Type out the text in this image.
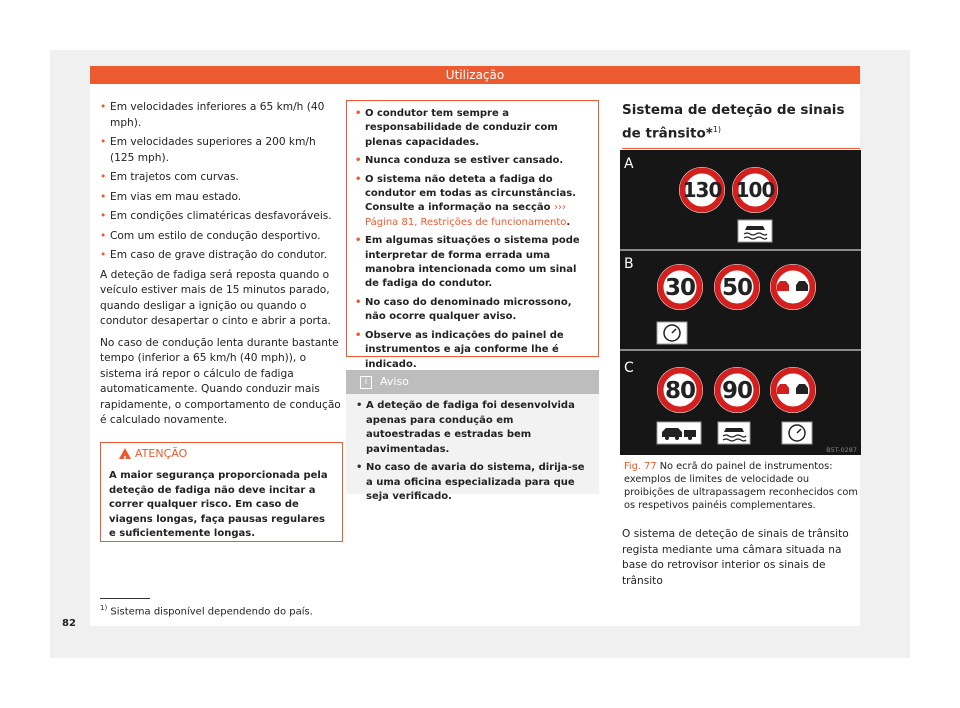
Utilização
• Em velocidades inferiores a 65 km/h (40 mph).
• Em velocidades superiores a 200 km/h (125 mph).
• Em trajetos com curvas.
• Em vias em mau estado.
• Em condições climatéricas desfavoráveis.
• Com um estilo de condução desportivo.
• Em caso de grave distração do condutor.

A deteção de fadiga será reposta quando o veículo estiver mais de 15 minutos parado, quando desligar a ignição ou quando o condutor desapertar o cinto e abrir a porta.

No caso de condução lenta durante bastante tempo (inferior a 65 km/h (40 mph)), o sistema irá repor o cálculo de fadiga automaticamente. Quando conduzir mais rapidamente, o comportamento de condução é calculado novamente.

!
ATENÇÃO
A maior segurança proporcionada pela deteção de fadiga não deve incitar a correr qualquer risco. Em caso de viagens longas, faça pausas regulares e suficientemente longas.
• O condutor tem sempre a responsabilidade de conduzir com plenas capacidades.
• Nunca conduza se estiver cansado.
• O sistema não deteta a fadiga do condutor em todas as circunstâncias. Consulte a informação na secção ››› Página 81, Restrições de funcionamento.
• Em algumas situações o sistema pode interpretar de forma errada uma manobra intencionada como um sinal de fadiga do condutor.
• No caso do denominado microssono, não ocorre qualquer aviso.
• Observe as indicações do painel de instrumentos e aja conforme lhe é indicado.
i	Aviso
• A deteção de fadiga foi desenvolvida apenas para condução em autoestradas e estradas bem pavimentadas.
• No caso de avaria do sistema, dirija-se a uma oficina especializada para que seja verificado.
Sistema de deteção de sinais de trânsito*$^{1)}$
A
B
C
130 100
30 50
80 90
B5T-0287
Fig. 77 No ecrã do painel de instrumentos: exemplos de limites de velocidade ou proibições de ultrapassagem reconhecidos com os respetivos painéis complementares.
O sistema de deteção de sinais de trânsito regista mediante uma câmara situada na base do retrovisor interior os sinais de trânsito
$^{1)}$ Sistema disponível dependendo do país.
82
